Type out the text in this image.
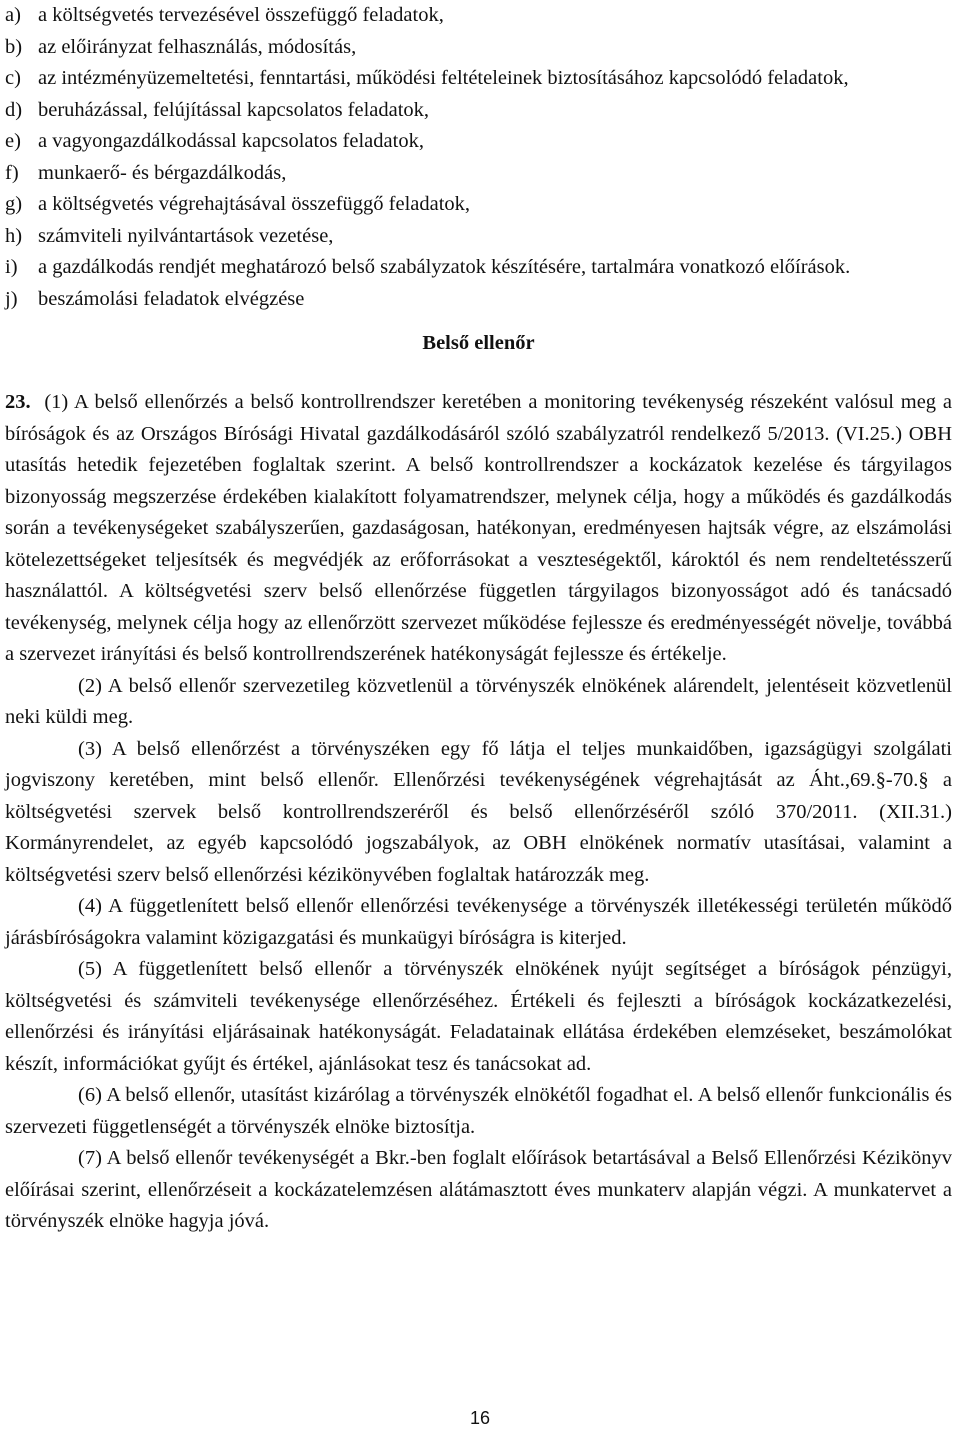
a) a költségvetés tervezésével összefüggő feladatok,
b) az előirányzat felhasználás, módosítás,
c) az intézményüzemeltetési, fenntartási, működési feltételeinek biztosításához kapcsolódó feladatok,
d) beruházással, felújítással kapcsolatos feladatok,
e) a vagyongazdálkodással kapcsolatos feladatok,
f) munkaerő- és bérgazdálkodás,
g) a költségvetés végrehajtásával összefüggő feladatok,
h) számviteli nyilvántartások vezetése,
i) a gazdálkodás rendjét meghatározó belső szabályzatok készítésére, tartalmára vonatkozó előírások.
j) beszámolási feladatok elvégzése
Belső ellenőr

23. (1) A belső ellenőrzés a belső kontrollrendszer keretében a monitoring tevékenység részeként valósul meg a bíróságok és az Országos Bírósági Hivatal gazdálkodásáról szóló szabályzatról rendelkező 5/2013. (VI.25.) OBH utasítás hetedik fejezetében foglaltak szerint. A belső kontrollrendszer a kockázatok kezelése és tárgyilagos bizonyosság megszerzése érdekében kialakított folyamatrendszer, melynek célja, hogy a működés és gazdálkodás során a tevékenységeket szabályszerűen, gazdaságosan, hatékonyan, eredményesen hajtsák végre, az elszámolási kötelezettségeket teljesítsék és megvédjék az erőforrásokat a veszteségektől, károktól és nem rendeltetésszerű használattól. A költségvetési szerv belső ellenőrzése független tárgyilagos bizonyosságot adó és tanácsadó tevékenység, melynek célja hogy az ellenőrzött szervezet működése fejlessze és eredményességét növelje, továbbá a szervezet irányítási és belső kontrollrendszerének hatékonyságát fejlessze és értékelje.

(2) A belső ellenőr szervezetileg közvetlenül a törvényszék elnökének alárendelt, jelentéseit közvetlenül neki küldi meg.

(3) A belső ellenőrzést a törvényszéken egy fő látja el teljes munkaidőben, igazságügyi szolgálati jogviszony keretében, mint belső ellenőr. Ellenőrzési tevékenységének végrehajtását az Áht.,69.§-70.§ a költségvetési szervek belső kontrollrendszeréről és belső ellenőrzéséről szóló 370/2011. (XII.31.) Kormányrendelet, az egyéb kapcsolódó jogszabályok, az OBH elnökének normatív utasításai, valamint a költségvetési szerv belső ellenőrzési kézikönyvében foglaltak határozzák meg.

(4) A függetlenített belső ellenőr ellenőrzési tevékenysége a törvényszék illetékességi területén működő járásbíróságokra valamint közigazgatási és munkaügyi bíróságra is kiterjed.

(5) A függetlenített belső ellenőr a törvényszék elnökének nyújt segítséget a bíróságok pénzügyi, költségvetési és számviteli tevékenysége ellenőrzéséhez. Értékeli és fejleszti a bíróságok kockázatkezelési, ellenőrzési és irányítási eljárásainak hatékonyságát. Feladatainak ellátása érdekében elemzéseket, beszámolókat készít, információkat gyűjt és értékel, ajánlásokat tesz és tanácsokat ad.

(6) A belső ellenőr, utasítást kizárólag a törvényszék elnökétől fogadhat el. A belső ellenőr funkcionális és szervezeti függetlenségét a törvényszék elnöke biztosítja.

(7) A belső ellenőr tevékenységét a Bkr.-ben foglalt előírások betartásával a Belső Ellenőrzési Kézikönyv előírásai szerint, ellenőrzéseit a kockázatelemzésen alátámasztott éves munkaterv alapján végzi. A munkatervet a törvényszék elnöke hagyja jóvá.

16
